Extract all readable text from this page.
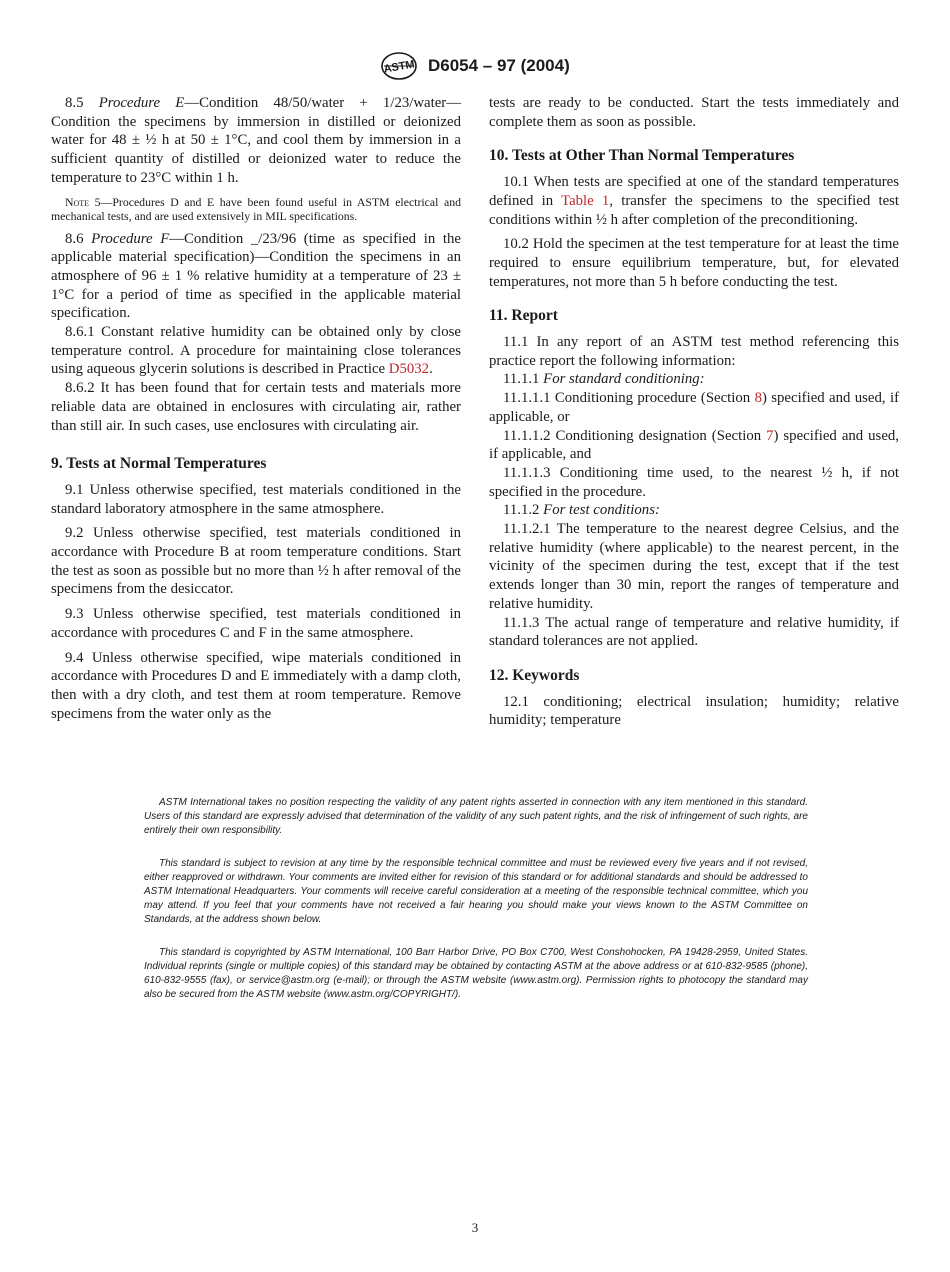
ASTM D6054 – 97 (2004)

8.5 Procedure E—Condition 48/50/water + 1/23/water—Condition the specimens by immersion in distilled or deionized water for 48 ± ½ h at 50 ± 1°C, and cool them by immersion in a sufficient quantity of distilled or deionized water to reduce the temperature to 23°C within 1 h.

Note 5—Procedures D and E have been found useful in ASTM electrical and mechanical tests, and are used extensively in MIL specifications.

8.6 Procedure F—Condition _/23/96 (time as specified in the applicable material specification)—Condition the specimens in an atmosphere of 96 ± 1 % relative humidity at a temperature of 23 ± 1°C for a period of time as specified in the applicable material specification.

8.6.1 Constant relative humidity can be obtained only by close temperature control. A procedure for maintaining close tolerances using aqueous glycerin solutions is described in Practice D5032.

8.6.2 It has been found that for certain tests and materials more reliable data are obtained in enclosures with circulating air, rather than still air. In such cases, use enclosures with circulating air.

9. Tests at Normal Temperatures

9.1 Unless otherwise specified, test materials conditioned in the standard laboratory atmosphere in the same atmosphere.

9.2 Unless otherwise specified, test materials conditioned in accordance with Procedure B at room temperature conditions. Start the test as soon as possible but no more than ½ h after removal of the specimens from the desiccator.

9.3 Unless otherwise specified, test materials conditioned in accordance with procedures C and F in the same atmosphere.

9.4 Unless otherwise specified, wipe materials conditioned in accordance with Procedures D and E immediately with a damp cloth, then with a dry cloth, and test them at room temperature. Remove specimens from the water only as the

tests are ready to be conducted. Start the tests immediately and complete them as soon as possible.

10. Tests at Other Than Normal Temperatures

10.1 When tests are specified at one of the standard temperatures defined in Table 1, transfer the specimens to the specified test conditions within ½ h after completion of the preconditioning.

10.2 Hold the specimen at the test temperature for at least the time required to ensure equilibrium temperature, but, for elevated temperatures, not more than 5 h before conducting the test.

11. Report

11.1 In any report of an ASTM test method referencing this practice report the following information:

11.1.1 For standard conditioning:

11.1.1.1 Conditioning procedure (Section 8) specified and used, if applicable, or

11.1.1.2 Conditioning designation (Section 7) specified and used, if applicable, and

11.1.1.3 Conditioning time used, to the nearest ½ h, if not specified in the procedure.

11.1.2 For test conditions:

11.1.2.1 The temperature to the nearest degree Celsius, and the relative humidity (where applicable) to the nearest percent, in the vicinity of the specimen during the test, except that if the test extends longer than 30 min, report the ranges of temperature and relative humidity.

11.1.3 The actual range of temperature and relative humidity, if standard tolerances are not applied.

12. Keywords

12.1 conditioning; electrical insulation; humidity; relative humidity; temperature

ASTM International takes no position respecting the validity of any patent rights asserted in connection with any item mentioned in this standard. Users of this standard are expressly advised that determination of the validity of any such patent rights, and the risk of infringement of such rights, are entirely their own responsibility.

This standard is subject to revision at any time by the responsible technical committee and must be reviewed every five years and if not revised, either reapproved or withdrawn. Your comments are invited either for revision of this standard or for additional standards and should be addressed to ASTM International Headquarters. Your comments will receive careful consideration at a meeting of the responsible technical committee, which you may attend. If you feel that your comments have not received a fair hearing you should make your views known to the ASTM Committee on Standards, at the address shown below.

This standard is copyrighted by ASTM International, 100 Barr Harbor Drive, PO Box C700, West Conshohocken, PA 19428-2959, United States. Individual reprints (single or multiple copies) of this standard may be obtained by contacting ASTM at the above address or at 610-832-9585 (phone), 610-832-9555 (fax), or service@astm.org (e-mail); or through the ASTM website (www.astm.org). Permission rights to photocopy the standard may also be secured from the ASTM website (www.astm.org/COPYRIGHT/).

3
